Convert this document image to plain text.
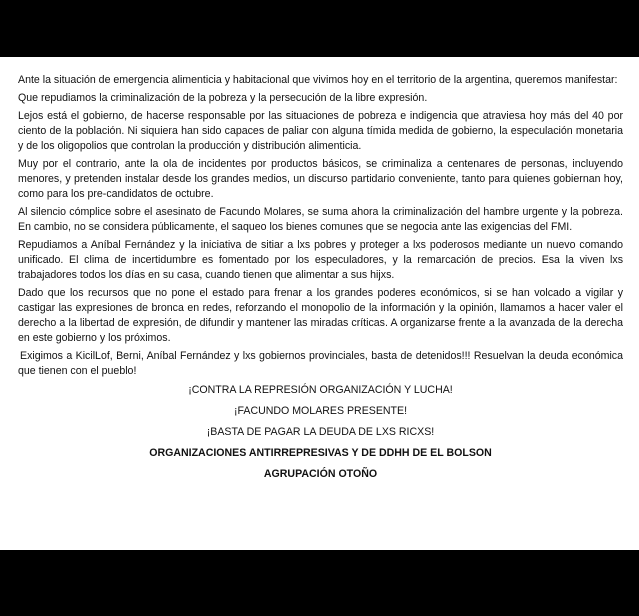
Ante la situación de emergencia alimenticia y habitacional que vivimos hoy en el territorio de la argentina, queremos manifestar:

Que repudiamos la criminalización de la pobreza y la persecución de la libre expresión.

Lejos está el gobierno, de hacerse responsable por las situaciones de pobreza e indigencia que atraviesa hoy más del 40 por ciento de la población. Ni siquiera han sido capaces de paliar con alguna tímida medida de gobierno, la especulación monetaria y de los oligopolios que controlan la producción y distribución alimenticia.

Muy por el contrario, ante la ola de incidentes por productos básicos, se criminaliza a centenares de personas, incluyendo menores, y pretenden instalar desde los grandes medios, un discurso partidario conveniente, tanto para quienes gobiernan hoy, como para los pre-candidatos de octubre.

Al silencio cómplice sobre el asesinato de Facundo Molares, se suma ahora la criminalización del hambre urgente y la pobreza. En cambio, no se considera públicamente, el saqueo los bienes comunes que se negocia ante las exigencias del FMI.

Repudiamos a Aníbal Fernández y la iniciativa de sitiar a lxs pobres y proteger a lxs poderosos mediante un nuevo comando unificado. El clima de incertidumbre es fomentado por los especuladores, y la remarcación de precios. Esa la viven lxs trabajadores todos los días en su casa, cuando tienen que alimentar a sus hijxs.

Dado que los recursos que no pone el estado para frenar a los grandes poderes económicos, si se han volcado a vigilar y castigar las expresiones de bronca en redes, reforzando el monopolio de la información y la opinión, llamamos a hacer valer el derecho a la libertad de expresión, de difundir y mantener las miradas críticas. A organizarse frente a la avanzada de la derecha en este gobierno y los próximos.

Exigimos a KicilLof, Berni, Aníbal Fernández y lxs gobiernos provinciales, basta de detenidos!!! Resuelvan la deuda económica que tienen con el pueblo!

¡CONTRA LA REPRESIÓN ORGANIZACIÓN Y LUCHA!

¡FACUNDO MOLARES PRESENTE!

¡BASTA DE PAGAR LA DEUDA DE LXS RICXS!

ORGANIZACIONES ANTIRREPRESIVAS Y DE DDHH DE EL BOLSON

AGRUPACIÓN OTOÑO
